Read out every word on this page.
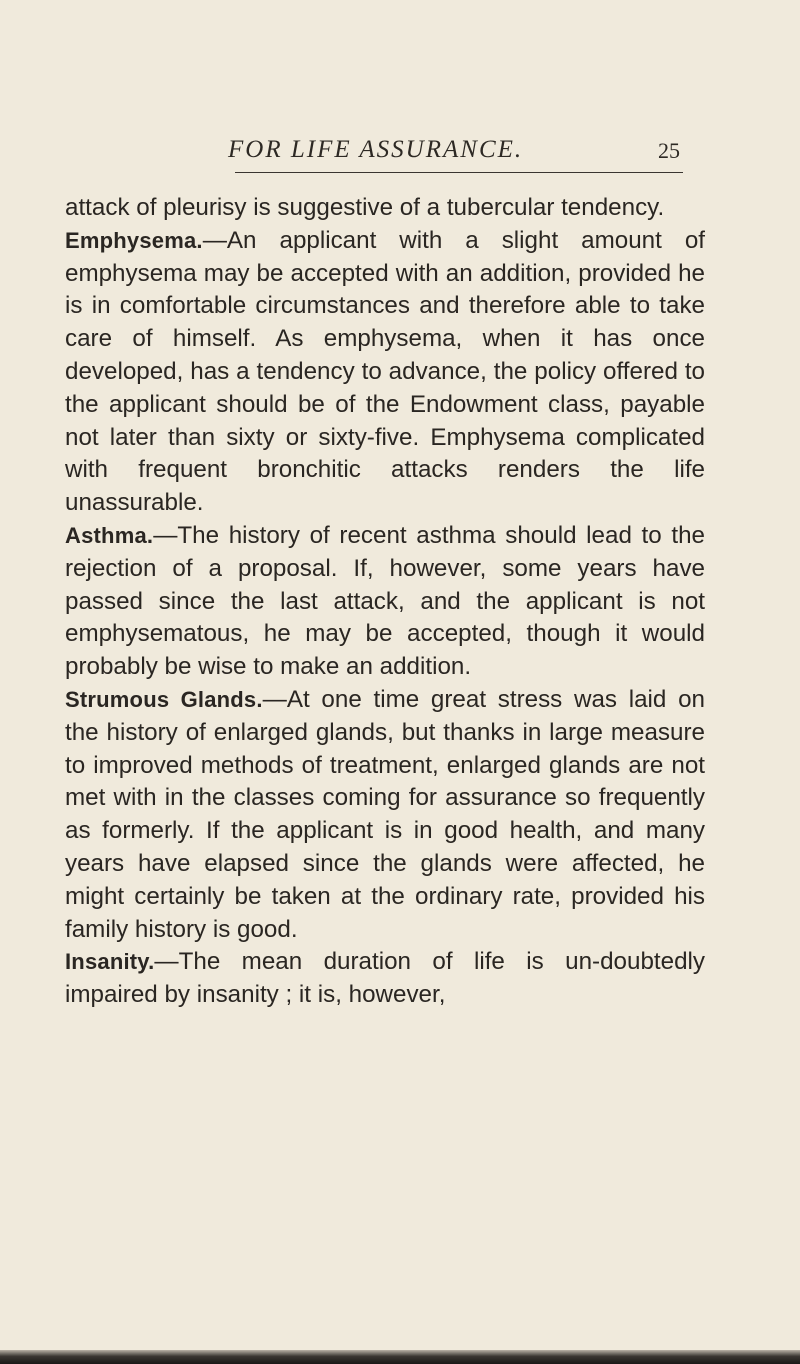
FOR LIFE ASSURANCE.	25

attack of pleurisy is suggestive of a tubercular tendency.

Emphysema.—An applicant with a slight amount of emphysema may be accepted with an addition, provided he is in comfortable circumstances and therefore able to take care of himself. As emphysema, when it has once developed, has a tendency to advance, the policy offered to the applicant should be of the Endowment class, payable not later than sixty or sixty-five. Emphysema complicated with frequent bronchitic attacks renders the life unassurable.

Asthma.—The history of recent asthma should lead to the rejection of a proposal. If, however, some years have passed since the last attack, and the applicant is not emphysematous, he may be accepted, though it would probably be wise to make an addition.

Strumous Glands.—At one time great stress was laid on the history of enlarged glands, but thanks in large measure to improved methods of treatment, enlarged glands are not met with in the classes coming for assurance so frequently as formerly. If the applicant is in good health, and many years have elapsed since the glands were affected, he might certainly be taken at the ordinary rate, provided his family history is good.

Insanity.—The mean duration of life is un-doubtedly impaired by insanity ; it is, however,
